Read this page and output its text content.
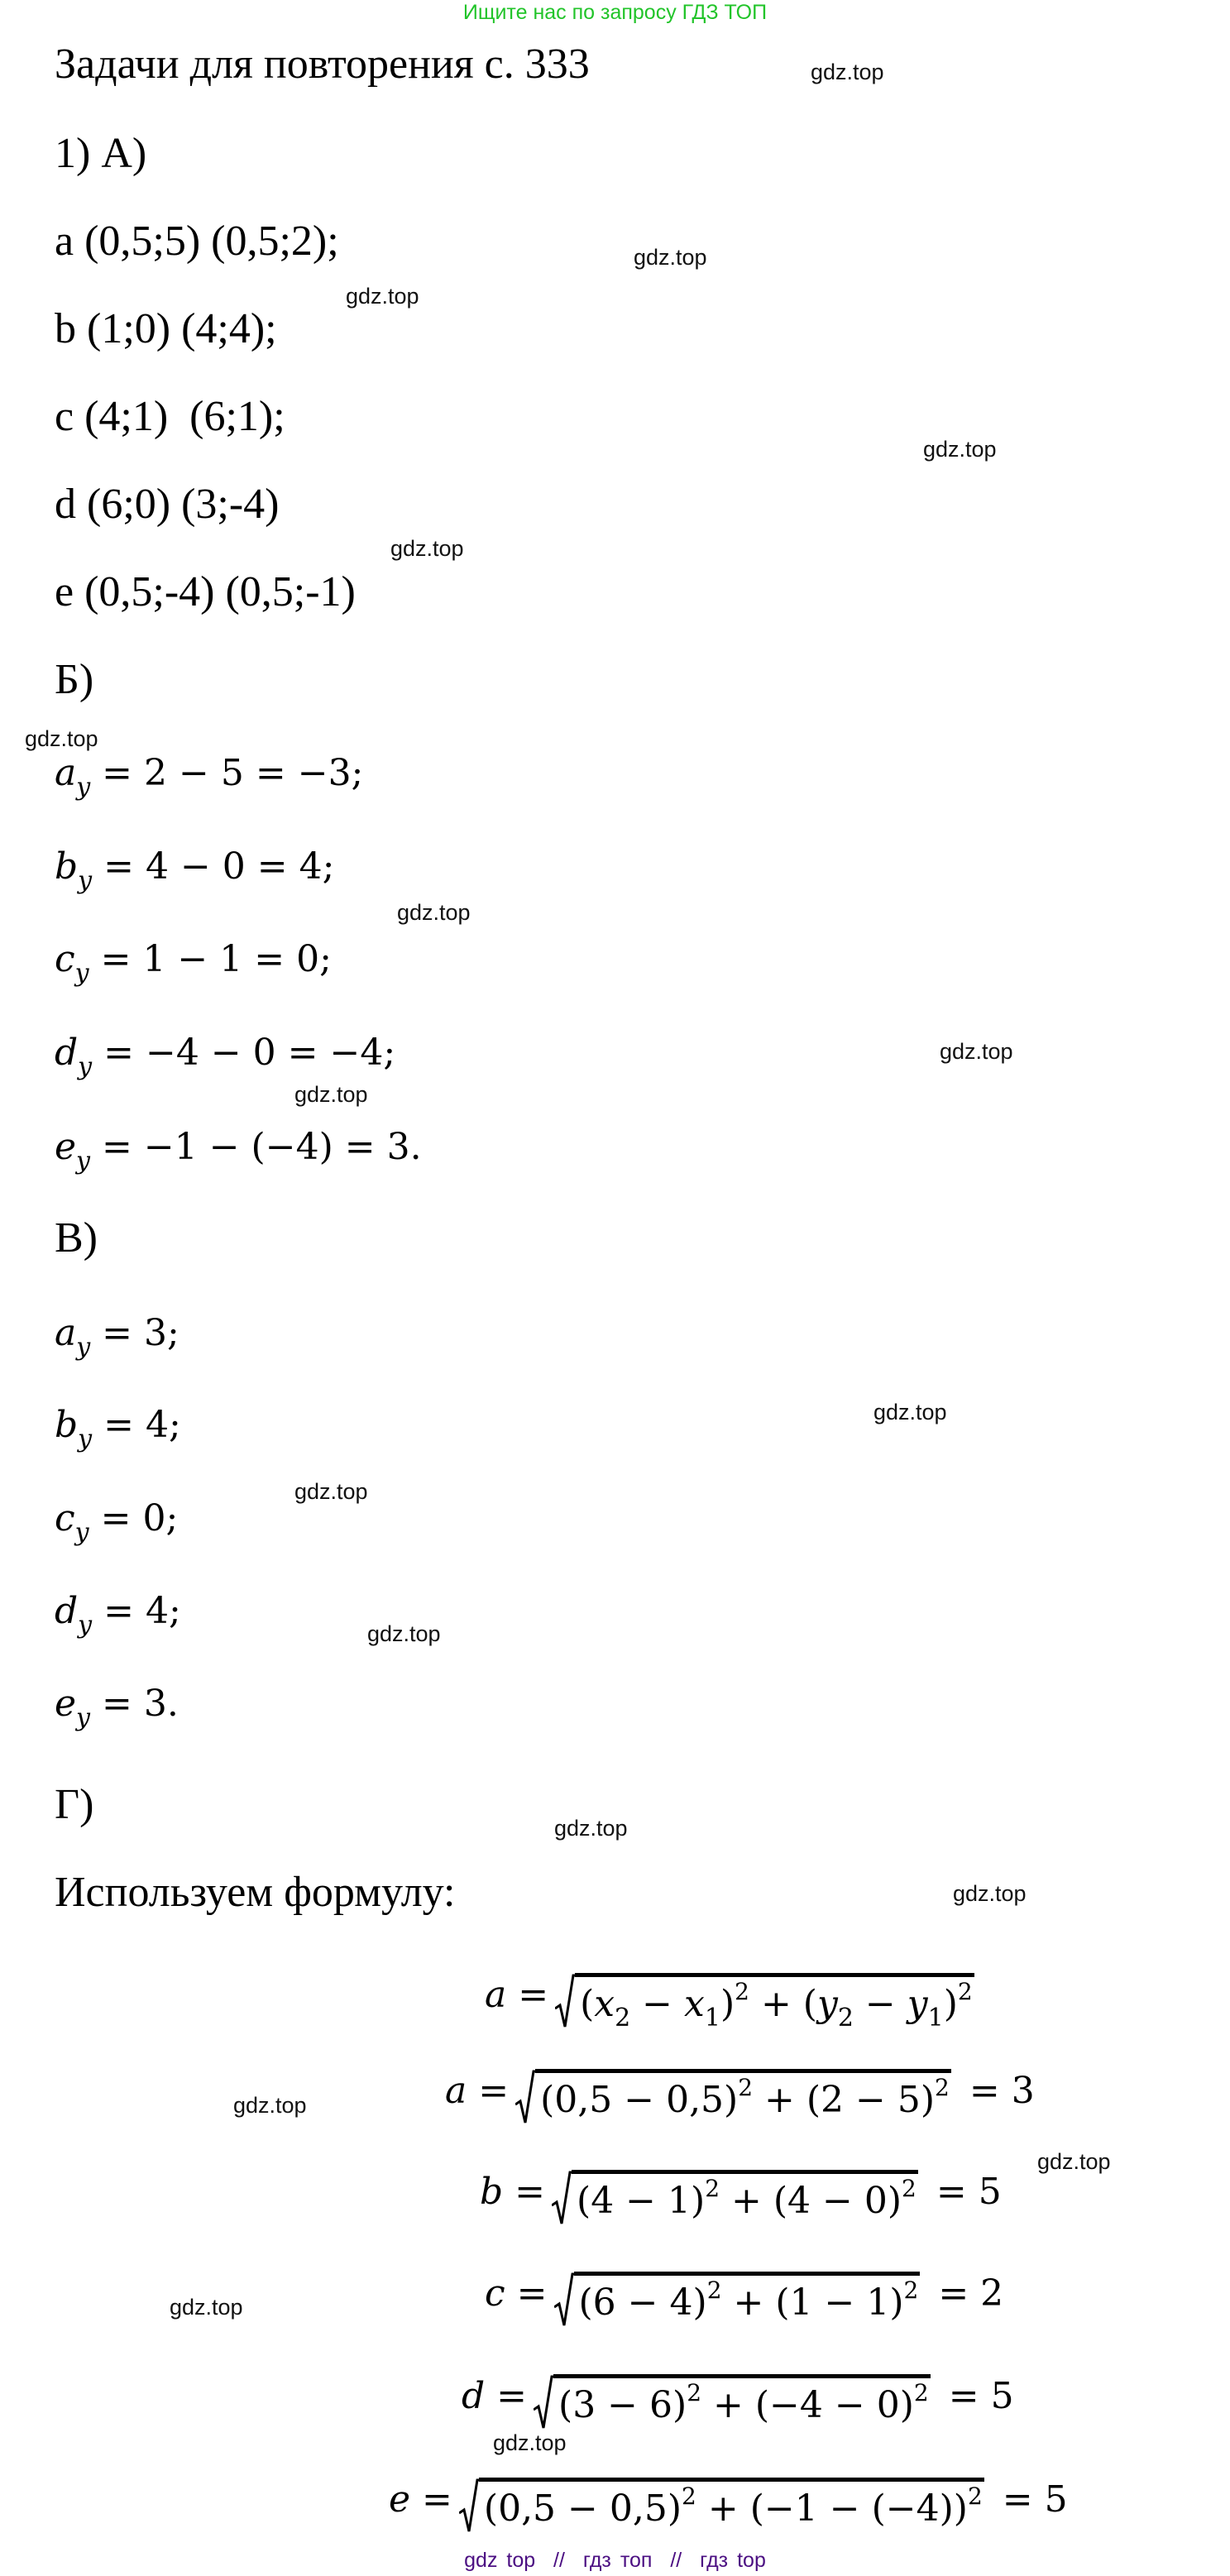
Ищите нас по запросу ГДЗ ТОП
Задачи для повторения с. 333
1) А)
a (0,5;5) (0,5;2);
b (1;0) (4;4);
c (4;1)  (6;1);
d (6;0) (3;-4)
e (0,5;-4) (0,5;-1)
Б)
$a_y = 2 - 5 = -3$;
$b_y = 4 - 0 = 4$;
$c_y = 1 - 1 = 0$;
$d_y = -4 - 0 = -4$;
$e_y = -1 - (-4) = 3$.
В)
$a_y = 3$;
$b_y = 4$;
$c_y = 0$;
$d_y = 4$;
$e_y = 3$.
Г)
Используем формулу:
$a = (x_2 - x_1)^2 + (y_2 - y_1)^2$
$a = (0,5 - 0,5)^2 + (2 - 5)^2 = 3$
$b = (4 - 1)^2 + (4 - 0)^2 = 5$
$c = (6 - 4)^2 + (1 - 1)^2 = 2$
$d = (3 - 6)^2 + (-4 - 0)^2 = 5$
$e = (0,5 - 0,5)^2 + (-1 - (-4))^2 = 5$
gdz.top
gdz.top
gdz.top
gdz.top
gdz.top
gdz.top
gdz.top
gdz.top
gdz.top
gdz.top
gdz.top
gdz.top
gdz.top
gdz.top
gdz.top
gdz.top
gdz.top
gdz.top
gdz top  //  гдз топ  //  гдз top
